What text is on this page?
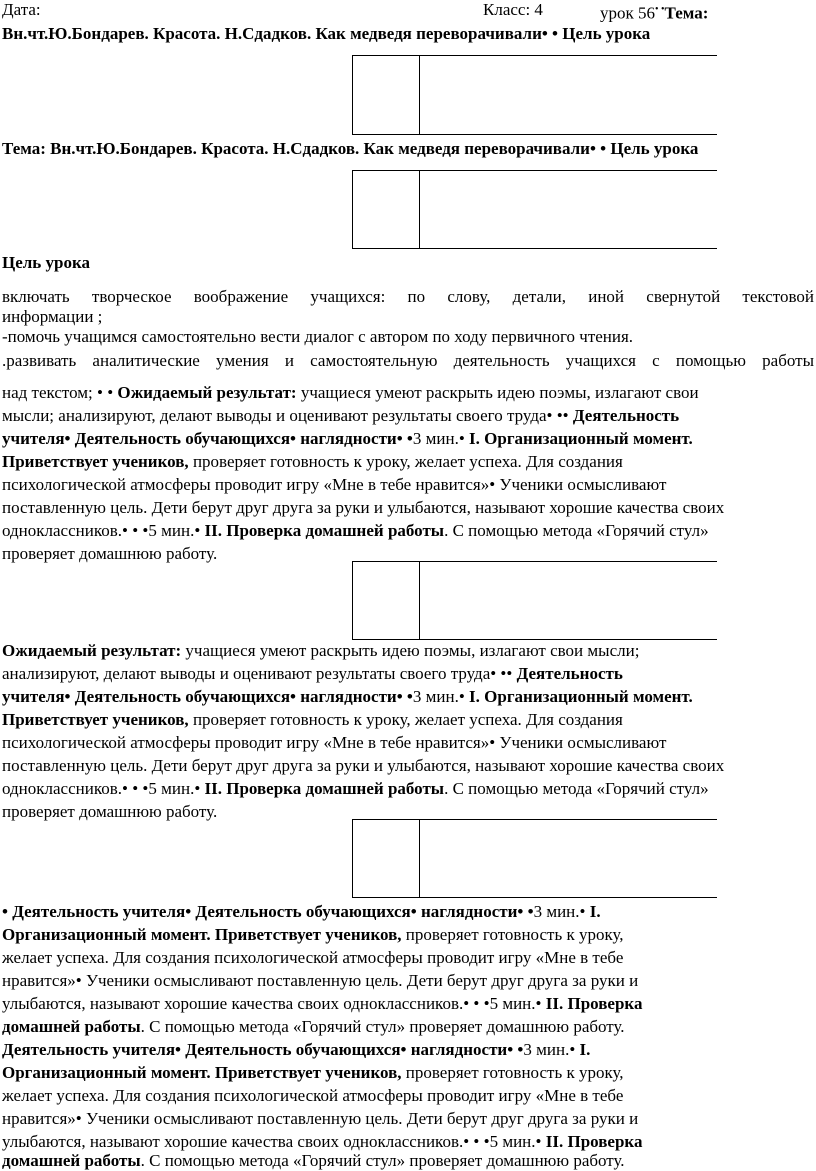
Дата:	Класс: 4	урок 56• •Тема:
Вн.чт.Ю.Бондарев. Красота. Н.Сдадков. Как медведя переворачивали• • Цель урока
Тема: Вн.чт.Ю.Бондарев. Красота. Н.Сдадков. Как медведя переворачивали• • Цель урока
Цель урока
включать творческое воображение учащихся: по слову, детали, иной свернутой текстовой
информации ;
-помочь учащимся самостоятельно вести диалог с автором по ходу первичного чтения.
.развивать аналитические умения и самостоятельную деятельность учащихся с помощью работы
над текстом; • • Ожидаемый результат: учащиеся умеют раскрыть идею поэмы, излагают свои
мысли; анализируют, делают выводы и оценивают результаты своего труда• •• Деятельность
учителя• Деятельность обучающихся• наглядности• •3 мин.• I. Организационный момент.
Приветствует учеников, проверяет готовность к уроку, желает успеха. Для создания
психологической атмосферы проводит игру «Мне в тебе нравится»• Ученики осмысливают
поставленную цель. Дети берут друг друга за руки и улыбаются, называют хорошие качества своих
одноклассников.• • •5 мин.• II. Проверка домашней работы. С помощью метода «Горячий стул»
проверяет домашнюю работу.
Ожидаемый результат: учащиеся умеют раскрыть идею поэмы, излагают свои мысли;
анализируют, делают выводы и оценивают результаты своего труда• •• Деятельность
учителя• Деятельность обучающихся• наглядности• •3 мин.• I. Организационный момент.
Приветствует учеников, проверяет готовность к уроку, желает успеха. Для создания
психологической атмосферы проводит игру «Мне в тебе нравится»• Ученики осмысливают
поставленную цель. Дети берут друг друга за руки и улыбаются, называют хорошие качества своих
одноклассников.• • •5 мин.• II. Проверка домашней работы. С помощью метода «Горячий стул»
проверяет домашнюю работу.
• Деятельность учителя• Деятельность обучающихся• наглядности• •3 мин.• I.
Организационный момент. Приветствует учеников, проверяет готовность к уроку,
желает успеха. Для создания психологической атмосферы проводит игру «Мне в тебе
нравится»• Ученики осмысливают поставленную цель. Дети берут друг друга за руки и
улыбаются, называют хорошие качества своих одноклассников.• • •5 мин.• II. Проверка
домашней работы. С помощью метода «Горячий стул» проверяет домашнюю работу.
Деятельность учителя• Деятельность обучающихся• наглядности• •3 мин.• I.
Организационный момент. Приветствует учеников, проверяет готовность к уроку,
желает успеха. Для создания психологической атмосферы проводит игру «Мне в тебе
нравится»• Ученики осмысливают поставленную цель. Дети берут друг друга за руки и
улыбаются, называют хорошие качества своих одноклассников.• • •5 мин.• II. Проверка
домашней работы. С помощью метода «Горячий стул» проверяет домашнюю работу.
